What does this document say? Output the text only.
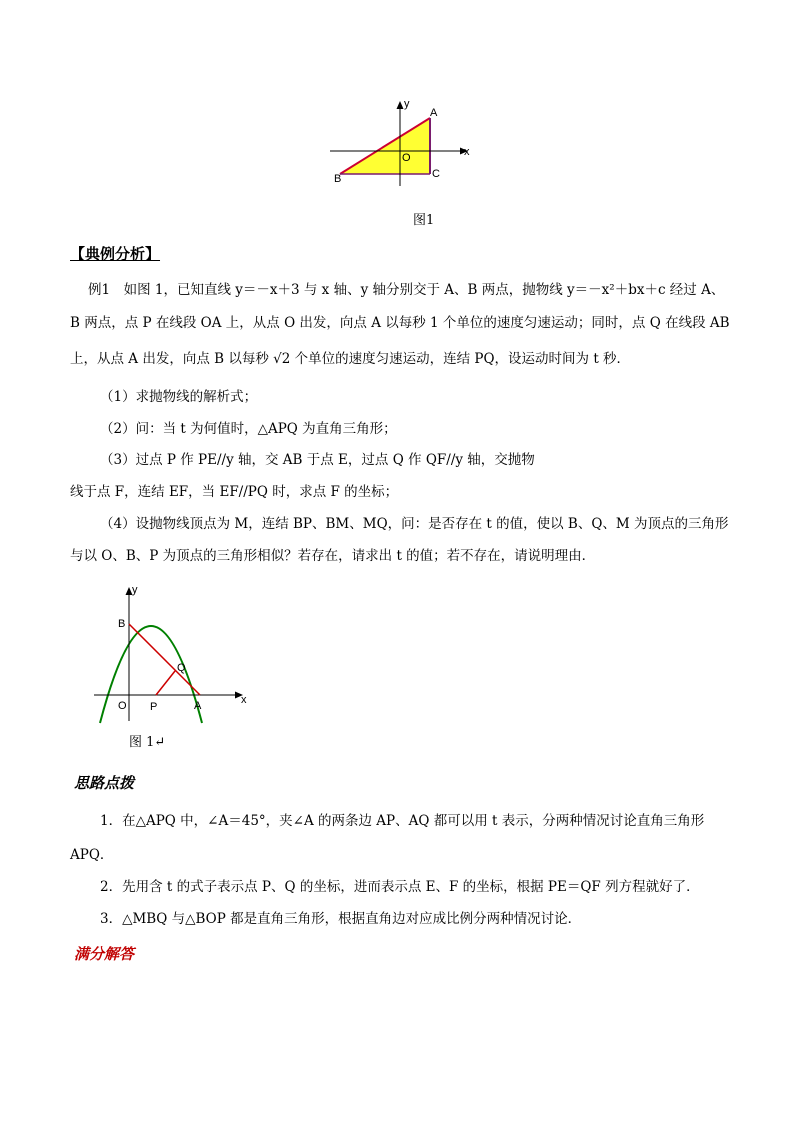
y
x
A
B	C
O
图1
【典例分析】
例1　如图 1，已知直线 y＝－x＋3 与 x 轴、y 轴分别交于 A、B 两点，抛物线 y＝－x²＋bx＋c 经过 A、
B 两点，点 P 在线段 OA 上，从点 O 出发，向点 A 以每秒 1 个单位的速度匀速运动；同时，点 Q 在线段 AB
上，从点 A 出发，向点 B 以每秒 √2 个单位的速度匀速运动，连结 PQ，设运动时间为 t 秒．
（1）求抛物线的解析式；
（2）问：当 t 为何值时，△APQ 为直角三角形；
（3）过点 P 作 PE//y 轴，交 AB 于点 E，过点 Q 作 QF//y 轴，交抛物
线于点 F，连结 EF，当 EF//PQ 时，求点 F 的坐标；
（4）设抛物线顶点为 M，连结 BP、BM、MQ，问：是否存在 t 的值，使以 B、Q、M 为顶点的三角形
与以 O、B、P 为顶点的三角形相似？若存在，请求出 t 的值；若不存在，请说明理由．
y
x
B
Q
O P	A
图 1↵
思路点拨
1．在△APQ 中，∠A＝45°，夹∠A 的两条边 AP、AQ 都可以用 t 表示，分两种情况讨论直角三角形
APQ．
2．先用含 t 的式子表示点 P、Q 的坐标，进而表示点 E、F 的坐标，根据 PE＝QF 列方程就好了．
3．△MBQ 与△BOP 都是直角三角形，根据直角边对应成比例分两种情况讨论．
满分解答
